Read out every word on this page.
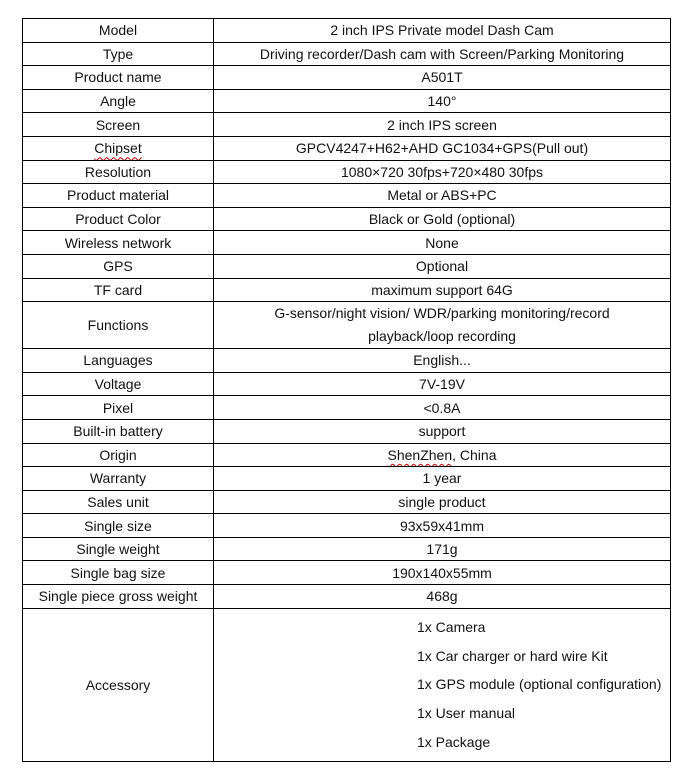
Model	2 inch IPS Private model Dash Cam
Type	Driving recorder/Dash cam with Screen/Parking Monitoring
Product name	A501T
Angle	140°
Screen	2 inch IPS screen
Chipset	GPCV4247+H62+AHD GC1034+GPS(Pull out)
Resolution	1080×720 30fps+720×480 30fps
Product material	Metal or ABS+PC
Product Color	Black or Gold (optional)
Wireless network	None
GPS	Optional
TF card	maximum support 64G
Functions	G-sensor/night vision/ WDR/parking monitoring/record
playback/loop recording
Languages	English...
Voltage	7V-19V
Pixel	<0.8A
Built-in battery	support
Origin	ShenZhen, China
Warranty	1 year
Sales unit	single product
Single size	93x59x41mm
Single weight	171g
Single bag size	190x140x55mm
Single piece gross weight	468g
Accessory	1x Camera
1x Car charger or hard wire Kit
1x GPS module (optional configuration)
1x User manual
1x Package
